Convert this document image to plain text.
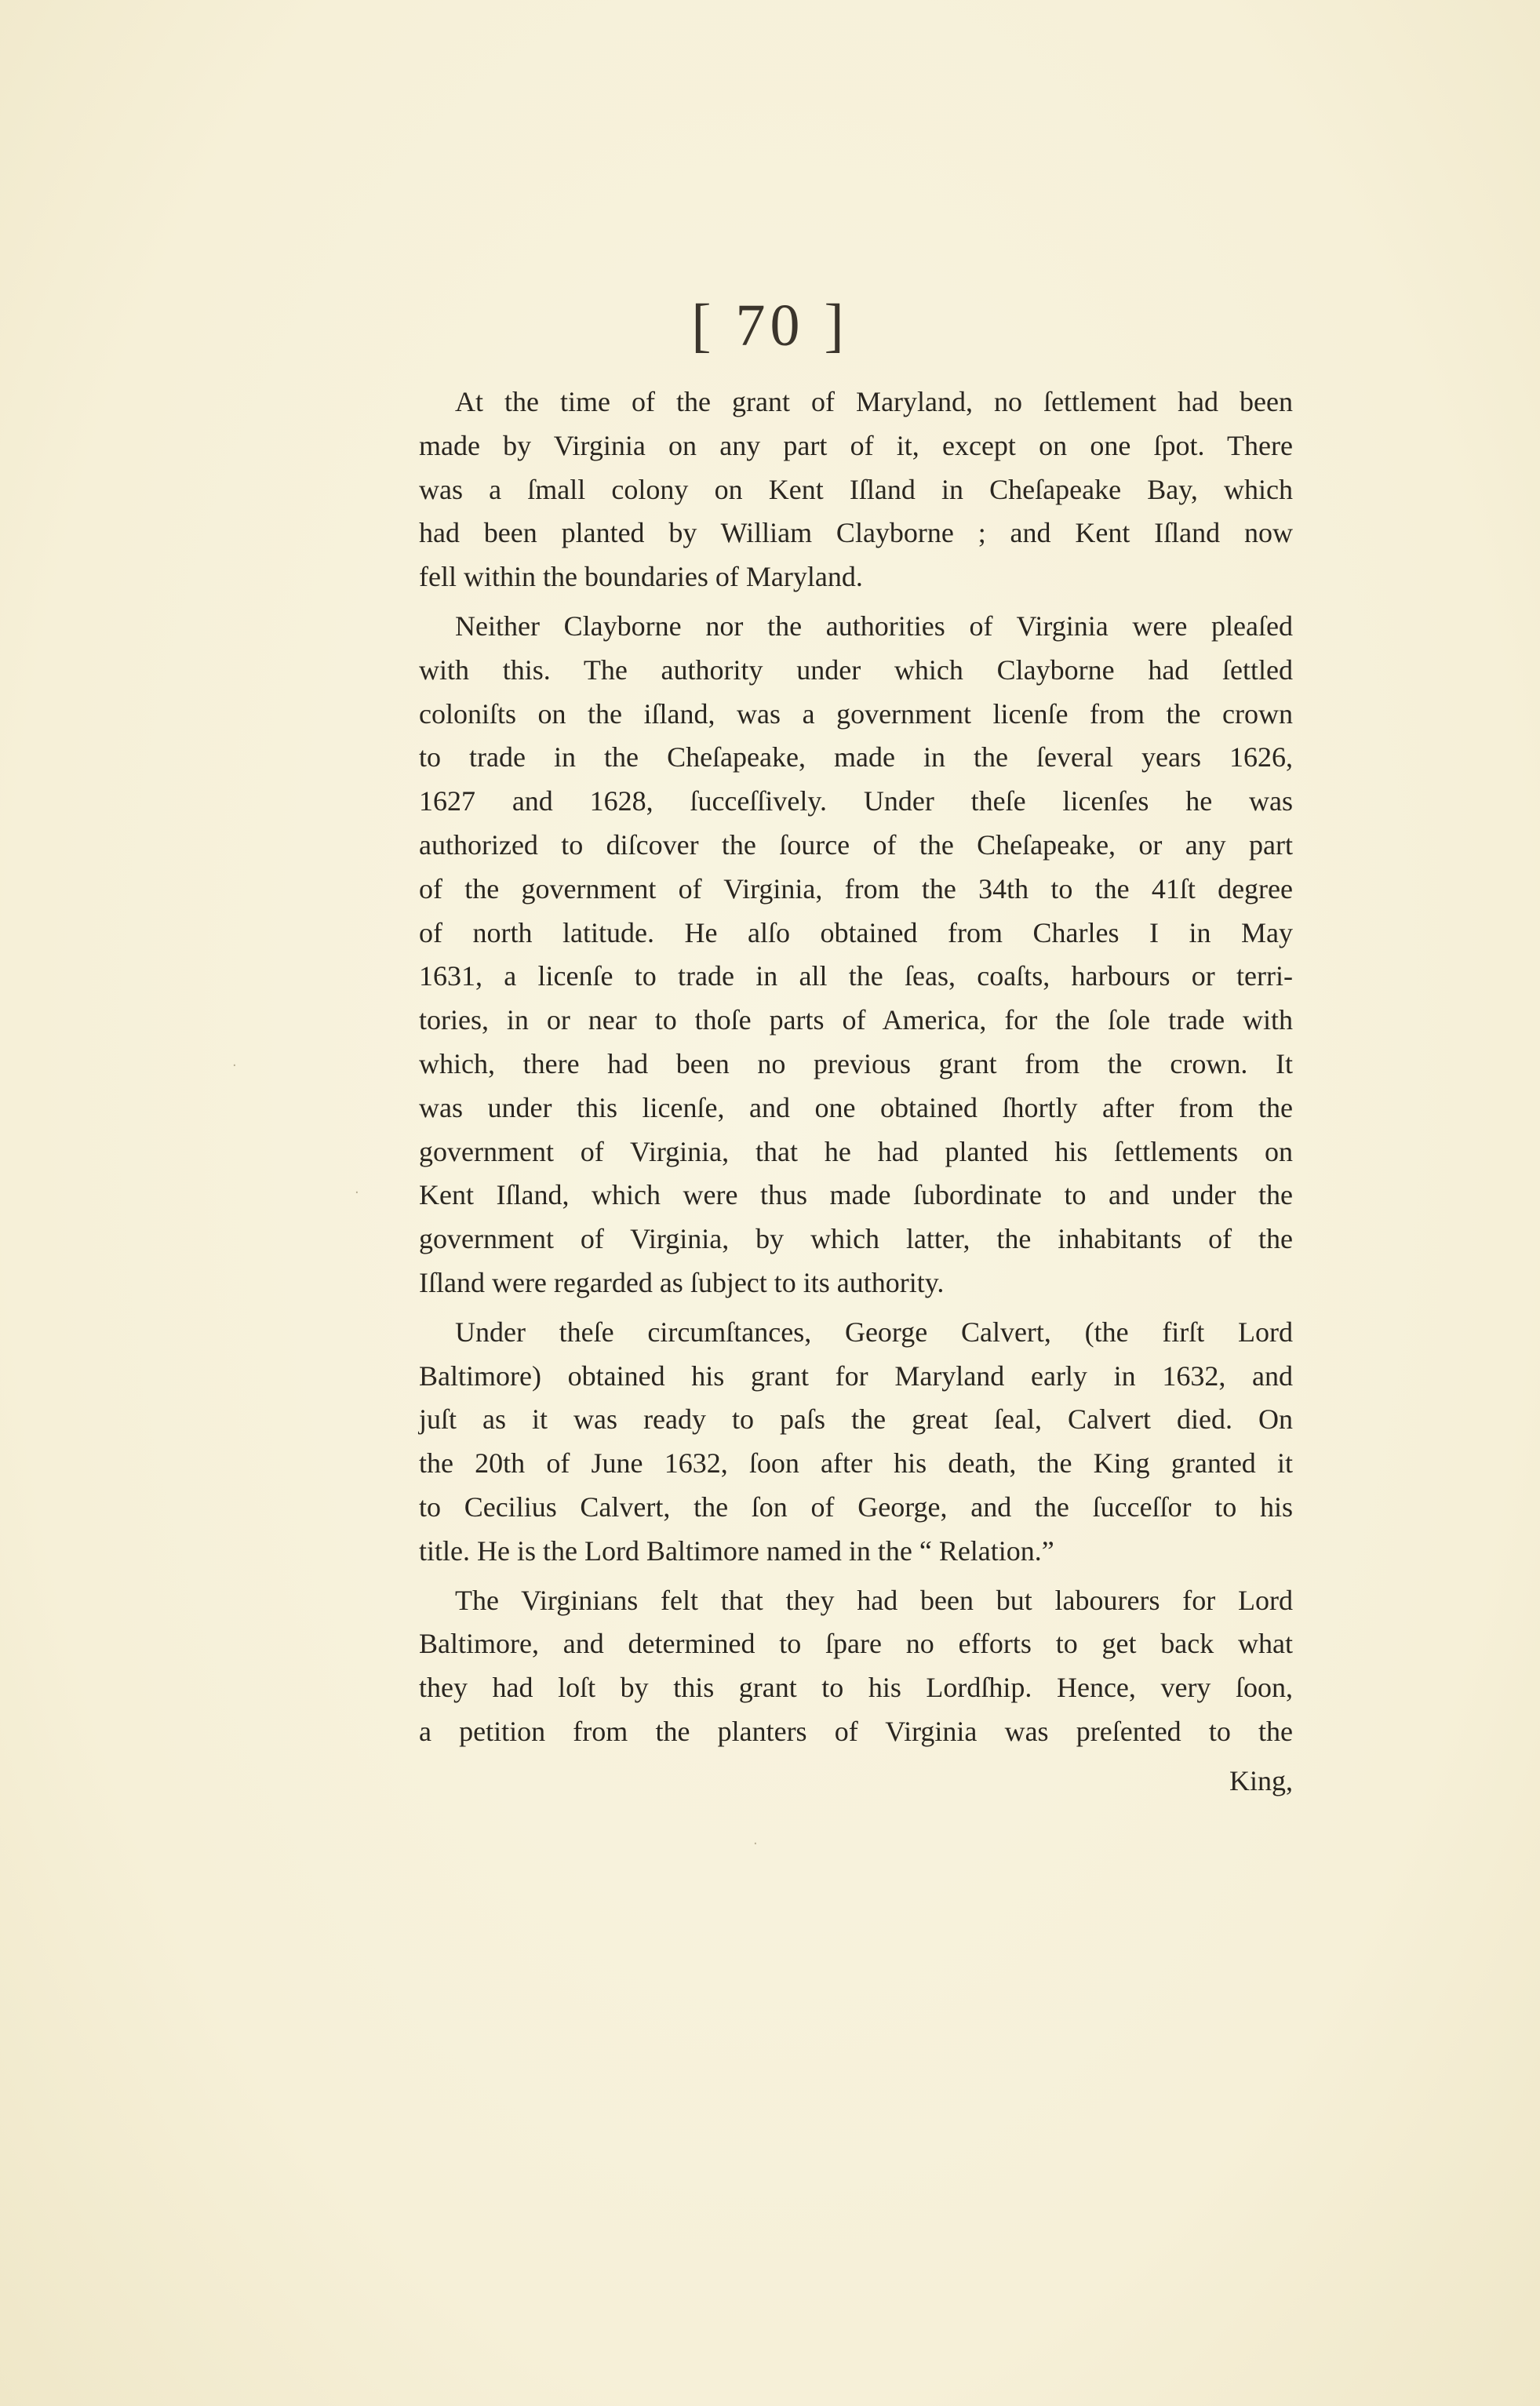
[ 70 ]
At the time of the grant of Maryland, no ſettlement had been
made by Virginia on any part of it, except on one ſpot. There
was a ſmall colony on Kent Iſland in Cheſapeake Bay, which
had been planted by William Clayborne ; and Kent Iſland now
fell within the boundaries of Maryland.
Neither Clayborne nor the authorities of Virginia were pleaſed
with this. The authority under which Clayborne had ſettled
coloniſts on the iſland, was a government licenſe from the crown
to trade in the Cheſapeake, made in the ſeveral years 1626,
1627 and 1628, ſucceſſively. Under theſe licenſes he was
authorized to diſcover the ſource of the Cheſapeake, or any part
of the government of Virginia, from the 34th to the 41ſt degree
of north latitude. He alſo obtained from Charles I in May
1631, a licenſe to trade in all the ſeas, coaſts, harbours or terri-
tories, in or near to thoſe parts of America, for the ſole trade with
which, there had been no previous grant from the crown. It
was under this licenſe, and one obtained ſhortly after from the
government of Virginia, that he had planted his ſettlements on
Kent Iſland, which were thus made ſubordinate to and under the
government of Virginia, by which latter, the inhabitants of the
Iſland were regarded as ſubject to its authority.
Under theſe circumſtances, George Calvert, (the firſt Lord
Baltimore) obtained his grant for Maryland early in 1632, and
juſt as it was ready to paſs the great ſeal, Calvert died. On
the 20th of June 1632, ſoon after his death, the King granted it
to Cecilius Calvert, the ſon of George, and the ſucceſſor to his
title. He is the Lord Baltimore named in the “ Relation.”
The Virginians felt that they had been but labourers for Lord
Baltimore, and determined to ſpare no efforts to get back what
they had loſt by this grant to his Lordſhip. Hence, very ſoon,
a petition from the planters of Virginia was preſented to the
King,
·
·
·
